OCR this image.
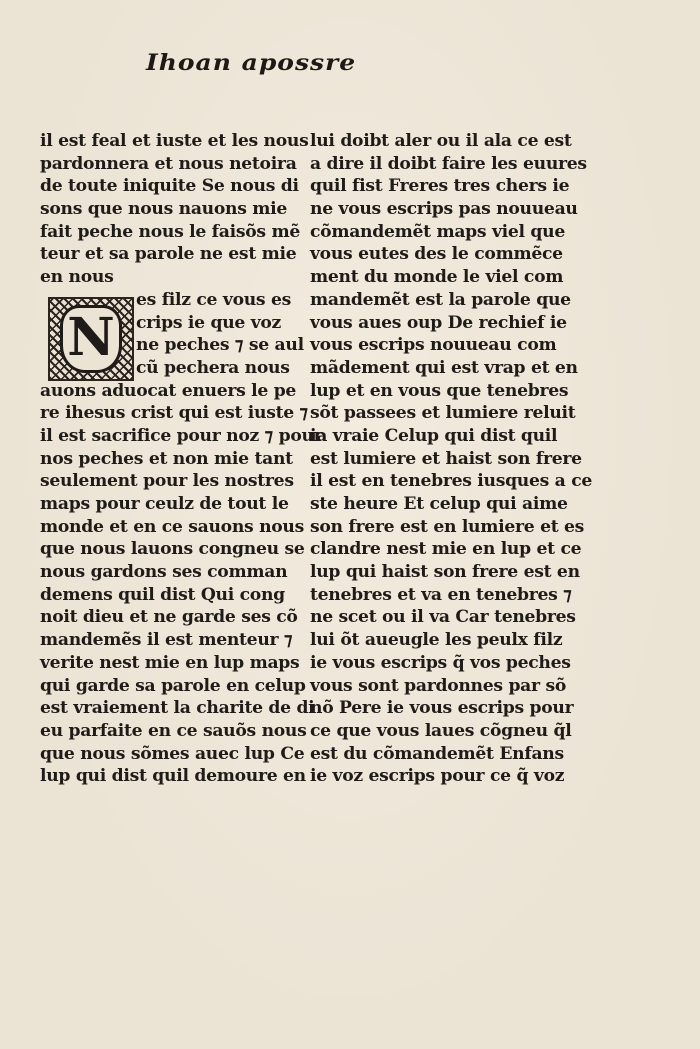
Ihoan apossre
N
il est feal et iuste et les nous
pardonnera et nous netoira
de toute iniquite Se nous di
sons que nous nauons mie
fait peche nous le faisõs mẽ
teur et sa parole ne est mie
en nous
es filz ce vous es
crips ie que voz
ne peches ⁊ se aul
cũ pechera nous
auons aduocat enuers le pe
re ihesus crist qui est iuste ⁊
il est sacrifice pour noz ⁊ pour
nos peches et non mie tant
seulement pour les nostres
maps pour ceulz de tout le
monde et en ce sauons nous
que nous lauons congneu se
nous gardons ses comman
demens quil dist Qui cong
noit dieu et ne garde ses cõ
mandemẽs il est menteur ⁊
verite nest mie en lup maps
qui garde sa parole en celup
est vraiement la charite de di
eu parfaite en ce sauõs nous
que nous sõmes auec lup Ce
lup qui dist quil demoure en
lui doibt aler ou il ala ce est
a dire il doibt faire les euures
quil fist Freres tres chers ie
ne vous escrips pas nouueau
cõmandemẽt maps viel que
vous eutes des le commẽce
ment du monde le viel com
mandemẽt est la parole que
vous aues oup De rechief ie
vous escrips nouueau com
mãdement qui est vrap et en
lup et en vous que tenebres
sõt passees et lumiere reluit
ia vraie Celup qui dist quil
est lumiere et haist son frere
il est en tenebres iusques a ce
ste heure Et celup qui aime
son frere est en lumiere et es
clandre nest mie en lup et ce
lup qui haist son frere est en
tenebres et va en tenebres ⁊
ne scet ou il va Car tenebres
lui õt aueugle les peulx filz
ie vous escrips q̃ vos peches
vous sont pardonnes par sõ
nõ Pere ie vous escrips pour
ce que vous laues cõgneu q̃l
est du cõmandemẽt Enfans
ie voz escrips pour ce q̃ voz
